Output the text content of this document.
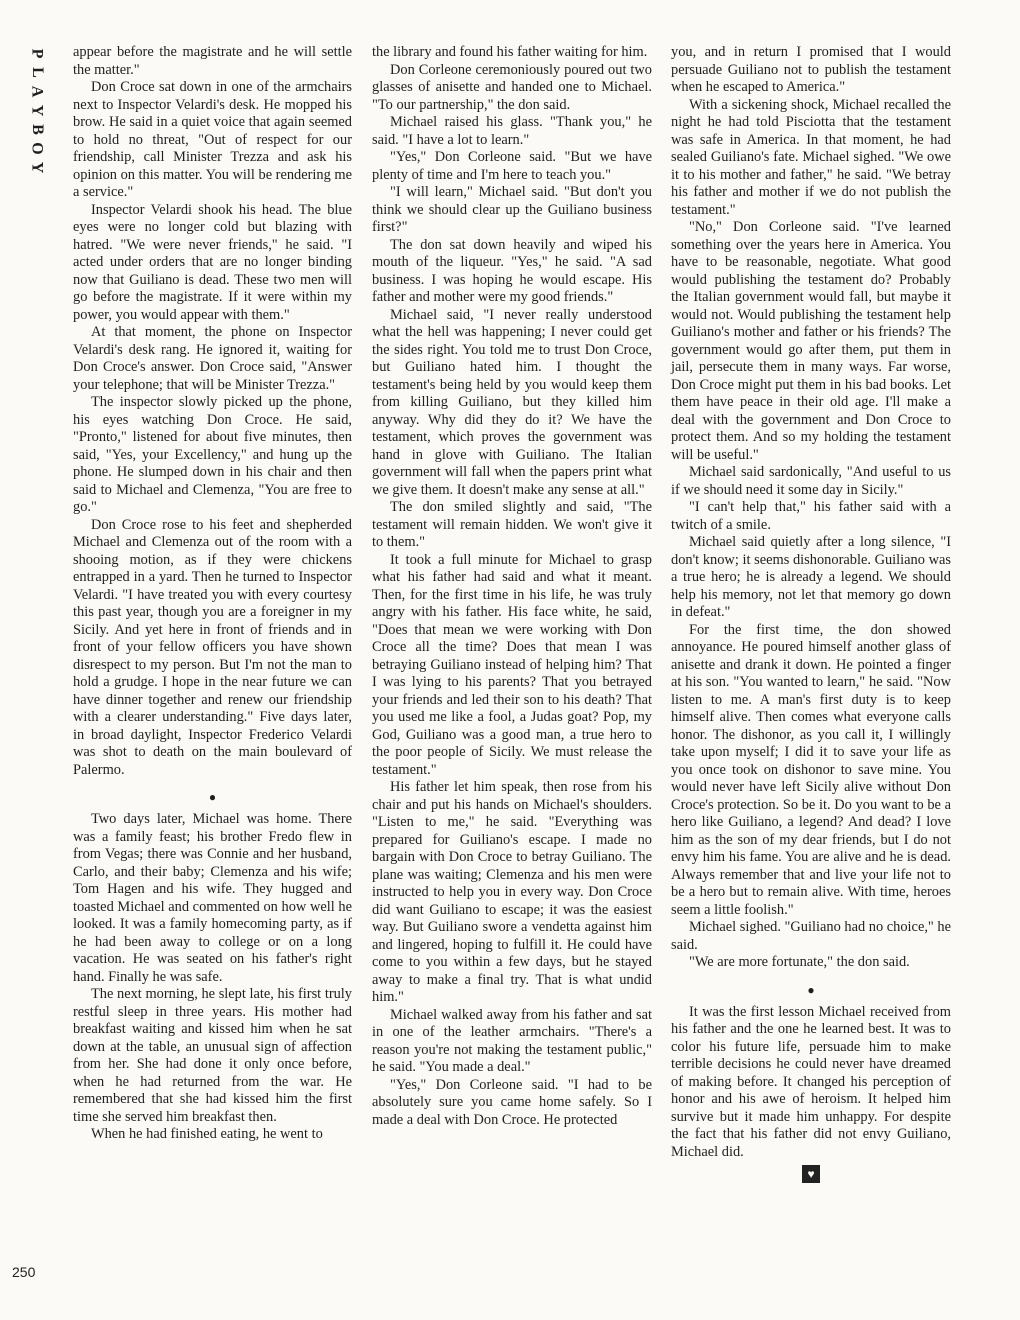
P
L
A
Y
B
O
Y
250

appear before the magistrate and he will settle the matter."

Don Croce sat down in one of the armchairs next to Inspector Velardi's desk. He mopped his brow. He said in a quiet voice that again seemed to hold no threat, "Out of respect for our friendship, call Minister Trezza and ask his opinion on this matter. You will be rendering me a service."

Inspector Velardi shook his head. The blue eyes were no longer cold but blazing with hatred. "We were never friends," he said. "I acted under orders that are no longer binding now that Guiliano is dead. These two men will go before the magistrate. If it were within my power, you would appear with them."

At that moment, the phone on Inspector Velardi's desk rang. He ignored it, waiting for Don Croce's answer. Don Croce said, "Answer your telephone; that will be Minister Trezza."

The inspector slowly picked up the phone, his eyes watching Don Croce. He said, "Pronto," listened for about five minutes, then said, "Yes, your Excellency," and hung up the phone. He slumped down in his chair and then said to Michael and Clemenza, "You are free to go."

Don Croce rose to his feet and shepherded Michael and Clemenza out of the room with a shooing motion, as if they were chickens entrapped in a yard. Then he turned to Inspector Velardi. "I have treated you with every courtesy this past year, though you are a foreigner in my Sicily. And yet here in front of friends and in front of your fellow officers you have shown disrespect to my person. But I'm not the man to hold a grudge. I hope in the near future we can have dinner together and renew our friendship with a clearer understanding." Five days later, in broad daylight, Inspector Frederico Velardi was shot to death on the main boulevard of Palermo.

●

Two days later, Michael was home. There was a family feast; his brother Fredo flew in from Vegas; there was Connie and her husband, Carlo, and their baby; Clemenza and his wife; Tom Hagen and his wife. They hugged and toasted Michael and commented on how well he looked. It was a family homecoming party, as if he had been away to college or on a long vacation. He was seated on his father's right hand. Finally he was safe.

The next morning, he slept late, his first truly restful sleep in three years. His mother had breakfast waiting and kissed him when he sat down at the table, an unusual sign of affection from her. She had done it only once before, when he had returned from the war. He remembered that she had kissed him the first time she served him breakfast then.

When he had finished eating, he went to

the library and found his father waiting for him.

Don Corleone ceremoniously poured out two glasses of anisette and handed one to Michael. "To our partnership," the don said.

Michael raised his glass. "Thank you," he said. "I have a lot to learn."

"Yes," Don Corleone said. "But we have plenty of time and I'm here to teach you."

"I will learn," Michael said. "But don't you think we should clear up the Guiliano business first?"

The don sat down heavily and wiped his mouth of the liqueur. "Yes," he said. "A sad business. I was hoping he would escape. His father and mother were my good friends."

Michael said, "I never really understood what the hell was happening; I never could get the sides right. You told me to trust Don Croce, but Guiliano hated him. I thought the testament's being held by you would keep them from killing Guiliano, but they killed him anyway. Why did they do it? We have the testament, which proves the government was hand in glove with Guiliano. The Italian government will fall when the papers print what we give them. It doesn't make any sense at all."

The don smiled slightly and said, "The testament will remain hidden. We won't give it to them."

It took a full minute for Michael to grasp what his father had said and what it meant. Then, for the first time in his life, he was truly angry with his father. His face white, he said, "Does that mean we were working with Don Croce all the time? Does that mean I was betraying Guiliano instead of helping him? That I was lying to his parents? That you betrayed your friends and led their son to his death? That you used me like a fool, a Judas goat? Pop, my God, Guiliano was a good man, a true hero to the poor people of Sicily. We must release the testament."

His father let him speak, then rose from his chair and put his hands on Michael's shoulders. "Listen to me," he said. "Everything was prepared for Guiliano's escape. I made no bargain with Don Croce to betray Guiliano. The plane was waiting; Clemenza and his men were instructed to help you in every way. Don Croce did want Guiliano to escape; it was the easiest way. But Guiliano swore a vendetta against him and lingered, hoping to fulfill it. He could have come to you within a few days, but he stayed away to make a final try. That is what undid him."

Michael walked away from his father and sat in one of the leather armchairs. "There's a reason you're not making the testament public," he said. "You made a deal."

"Yes," Don Corleone said. "I had to be absolutely sure you came home safely. So I made a deal with Don Croce. He protected

you, and in return I promised that I would persuade Guiliano not to publish the testament when he escaped to America."

With a sickening shock, Michael recalled the night he had told Pisciotta that the testament was safe in America. In that moment, he had sealed Guiliano's fate. Michael sighed. "We owe it to his mother and father," he said. "We betray his father and mother if we do not publish the testament."

"No," Don Corleone said. "I've learned something over the years here in America. You have to be reasonable, negotiate. What good would publishing the testament do? Probably the Italian government would fall, but maybe it would not. Would publishing the testament help Guiliano's mother and father or his friends? The government would go after them, put them in jail, persecute them in many ways. Far worse, Don Croce might put them in his bad books. Let them have peace in their old age. I'll make a deal with the government and Don Croce to protect them. And so my holding the testament will be useful."

Michael said sardonically, "And useful to us if we should need it some day in Sicily."

"I can't help that," his father said with a twitch of a smile.

Michael said quietly after a long silence, "I don't know; it seems dishonorable. Guiliano was a true hero; he is already a legend. We should help his memory, not let that memory go down in defeat."

For the first time, the don showed annoyance. He poured himself another glass of anisette and drank it down. He pointed a finger at his son. "You wanted to learn," he said. "Now listen to me. A man's first duty is to keep himself alive. Then comes what everyone calls honor. The dishonor, as you call it, I willingly take upon myself; I did it to save your life as you once took on dishonor to save mine. You would never have left Sicily alive without Don Croce's protection. So be it. Do you want to be a hero like Guiliano, a legend? And dead? I love him as the son of my dear friends, but I do not envy him his fame. You are alive and he is dead. Always remember that and live your life not to be a hero but to remain alive. With time, heroes seem a little foolish."

Michael sighed. "Guiliano had no choice," he said.

"We are more fortunate," the don said.

●

It was the first lesson Michael received from his father and the one he learned best. It was to color his future life, persuade him to make terrible decisions he could never have dreamed of making before. It changed his perception of honor and his awe of heroism. It helped him survive but it made him unhappy. For despite the fact that his father did not envy Guiliano, Michael did.

♥
